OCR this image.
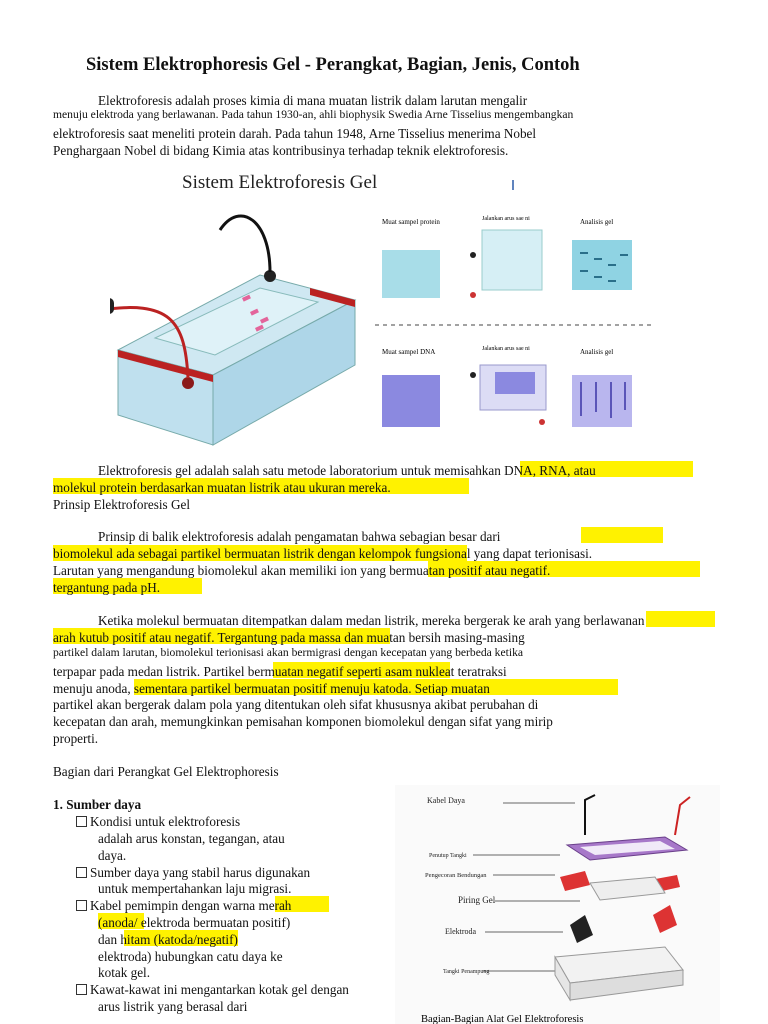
Sistem Elektrophoresis Gel - Perangkat, Bagian, Jenis, Contoh
Elektroforesis adalah proses kimia di mana muatan listrik dalam larutan mengalir
menuju elektroda yang berlawanan. Pada tahun 1930-an, ahli biophysik Swedia Arne Tisselius mengembangkan
elektroforesis saat meneliti protein darah. Pada tahun 1948, Arne Tisselius menerima Nobel
Penghargaan Nobel di bidang Kimia atas kontribusinya terhadap teknik elektroforesis.
Sistem Elektroforesis Gel
Muat sampel protein	Jalankan arus sae ni	Analisis gel
Muat sampel DNA	Jalankan arus sae ni	Analisis gel
Elektroforesis gel adalah salah satu metode laboratorium untuk memisahkan DNA, RNA, atau
molekul protein berdasarkan muatan listrik atau ukuran mereka.
Prinsip Elektroforesis Gel
Prinsip di balik elektroforesis adalah pengamatan bahwa sebagian besar dari
biomolekul ada sebagai partikel bermuatan listrik dengan kelompok fungsional yang dapat terionisasi.
Larutan yang mengandung biomolekul akan memiliki ion yang bermuatan positif atau negatif.
tergantung pada pH.
Ketika molekul bermuatan ditempatkan dalam medan listrik, mereka bergerak ke arah yang berlawanan
arah kutub positif atau negatif. Tergantung pada massa dan muatan bersih masing-masing
partikel dalam larutan, biomolekul terionisasi akan bermigrasi dengan kecepatan yang berbeda ketika
terpapar pada medan listrik. Partikel bermuatan negatif seperti asam nukleat teratraksi
menuju anoda, sementara partikel bermuatan positif menuju katoda. Setiap muatan
partikel akan bergerak dalam pola yang ditentukan oleh sifat khususnya akibat perubahan di
kecepatan dan arah, memungkinkan pemisahan komponen biomolekul dengan sifat yang mirip
properti.
Bagian dari Perangkat Gel Elektrophoresis
1. Sumber daya
Kondisi untuk elektroforesis
adalah arus konstan, tegangan, atau
daya.
Sumber daya yang stabil harus digunakan
untuk mempertahankan laju migrasi.
Kabel pemimpin dengan warna merah
(anoda/ elektroda bermuatan positif)
dan hitam (katoda/negatif)
elektroda) hubungkan catu daya ke
kotak gel.
Kawat-kawat ini mengantarkan kotak gel dengan
arus listrik yang berasal dari
Kabel Daya
Penutup Tangki
Pengecoran Bendungan
Piring Gel
Elektroda
Tangki Penampung
Bagian-Bagian Alat Gel Elektroforesis
